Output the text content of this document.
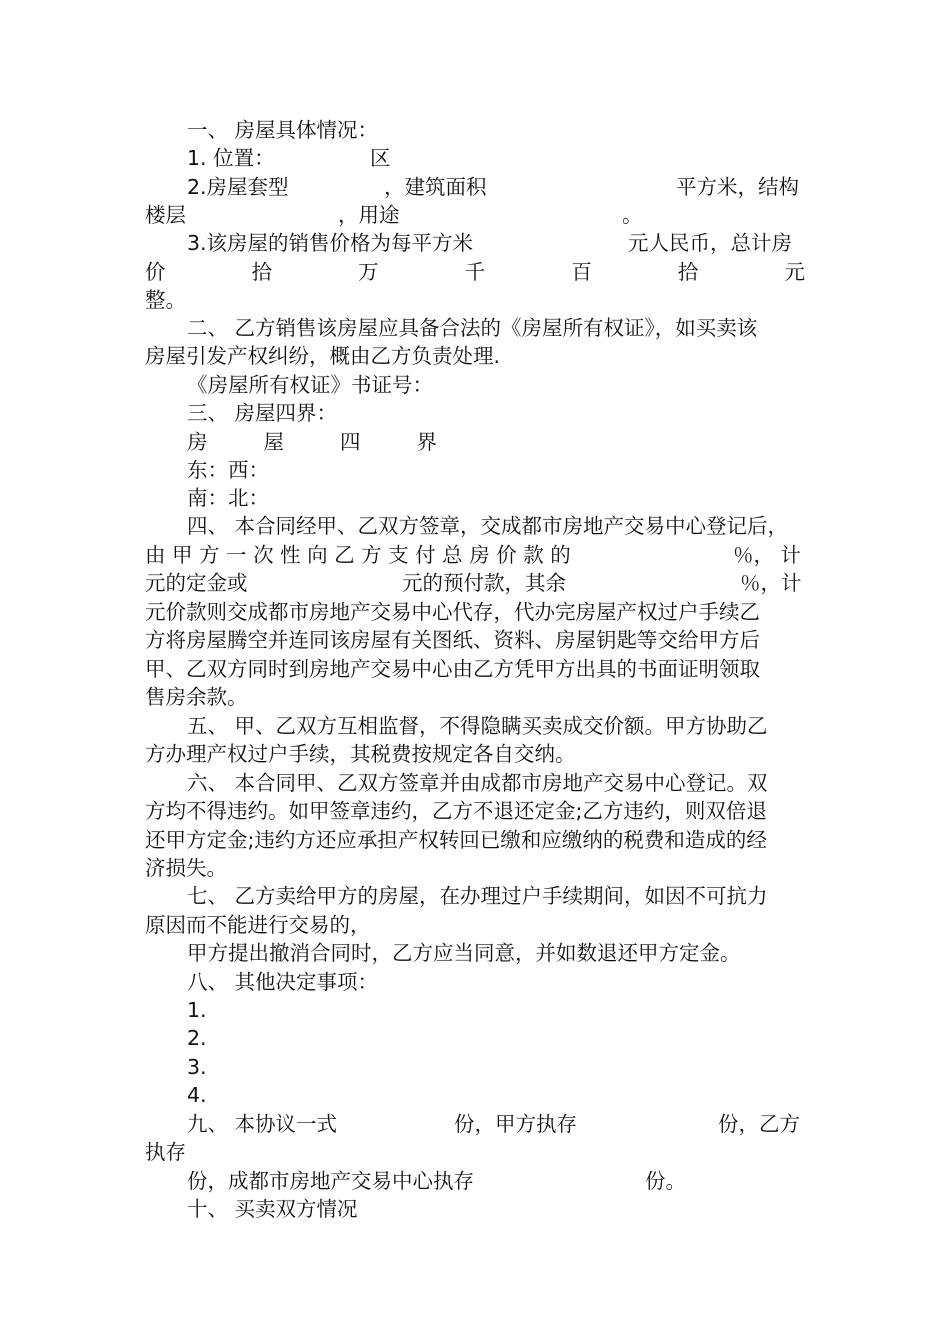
一、 房屋具体情况：
1. 位置：	区
2.房屋套型	，建筑面积	平方米，结构
楼层	，用途	。
3.该房屋的销售价格为每平方米	元人民币，总计房
价	拾	万	千	百	拾	元
整。
二、 乙方销售该房屋应具备合法的《房屋所有权证》，如买卖该
房屋引发产权纠纷，概由乙方负责处理.
《房屋所有权证》书证号：
三、 房屋四界：
房	屋	四	界
东：西：
南：北：
四、 本合同经甲、乙双方签章，交成都市房地产交易中心登记后，
由 甲 方 一 次 性 向 乙 方 支 付 总 房 价 款 的	％， 计
元的定金或	元的预付款，其余	％，计
元价款则交成都市房地产交易中心代存，代办完房屋产权过户手续乙
方将房屋腾空并连同该房屋有关图纸、资料、房屋钥匙等交给甲方后
甲、乙双方同时到房地产交易中心由乙方凭甲方出具的书面证明领取
售房余款。
五、 甲、乙双方互相监督，不得隐瞒买卖成交价额。甲方协助乙
方办理产权过户手续，其税费按规定各自交纳。
六、 本合同甲、乙双方签章并由成都市房地产交易中心登记。双
方均不得违约。如甲签章违约，乙方不退还定金;乙方违约，则双倍退
还甲方定金;违约方还应承担产权转回已缴和应缴纳的税费和造成的经
济损失。
七、 乙方卖给甲方的房屋，在办理过户手续期间，如因不可抗力
原因而不能进行交易的，
甲方提出撤消合同时，乙方应当同意，并如数退还甲方定金。
八、 其他决定事项：
1.
2.
3.
4.
九、 本协议一式	份，甲方执存	份，乙方
执存
份，成都市房地产交易中心执存	份。
十、 买卖双方情况
